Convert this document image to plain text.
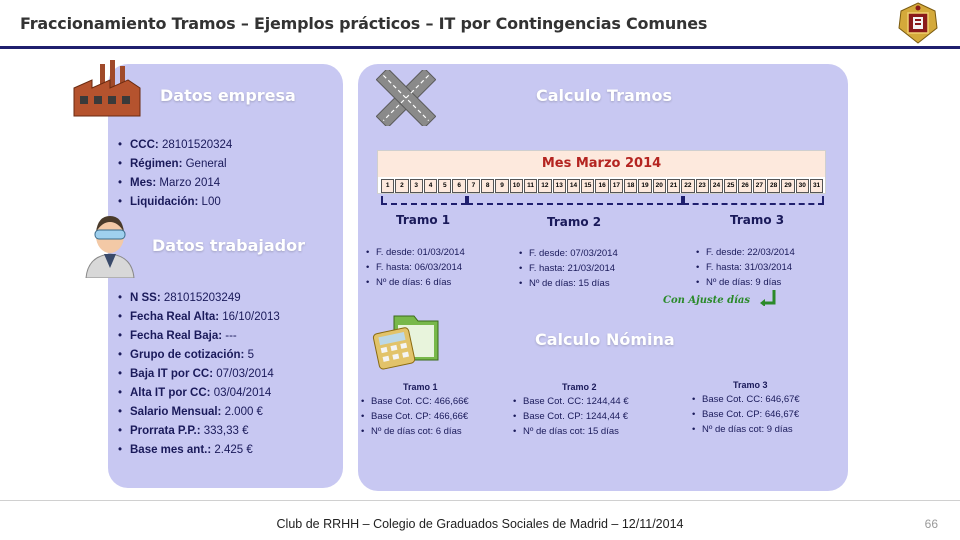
Fraccionamiento Tramos – Ejemplos prácticos – IT por Contingencias Comunes
Datos empresa
• CCC: 28101520324
• Régimen: General
• Mes: Marzo 2014
• Liquidación: L00
Datos trabajador
• N SS: 281015203249
• Fecha Real Alta: 16/10/2013
• Fecha Real Baja: ---
• Grupo de cotización: 5
• Baja IT por CC: 07/03/2014
• Alta IT por CC: 03/04/2014
• Salario Mensual: 2.000 €
• Prorrata P.P.: 333,33 €
• Base mes ant.: 2.425 €
Calculo Tramos
Mes Marzo 2014
1	2	3	4	5	6	7	8	9	10	11	12	13	14	15	16	17	18	19	20	21	22	23	24	25	26	27	28	29	30	31
Tramo 1	Tramo 2	Tramo 3
• F. desde: 01/03/2014
• F. hasta: 06/03/2014
• Nº de días: 6 días
• F. desde: 07/03/2014
• F. hasta: 21/03/2014
• Nº de días: 15 días
• F. desde: 22/03/2014
• F. hasta: 31/03/2014
• Nº de días: 9 días
Con Ajuste días
Calculo Nómina
Tramo 1	Tramo 2	Tramo 3
• Base Cot. CC: 466,66€
• Base Cot. CP: 466,66€
• Nº de días cot: 6 días
• Base Cot. CC: 1244,44 €
• Base Cot. CP: 1244,44 €
• Nº de días cot: 15 días
• Base Cot. CC: 646,67€
• Base Cot. CP: 646,67€
• Nº de días cot: 9 días
Club de RRHH – Colegio de Graduados Sociales de Madrid – 12/11/2014	66
